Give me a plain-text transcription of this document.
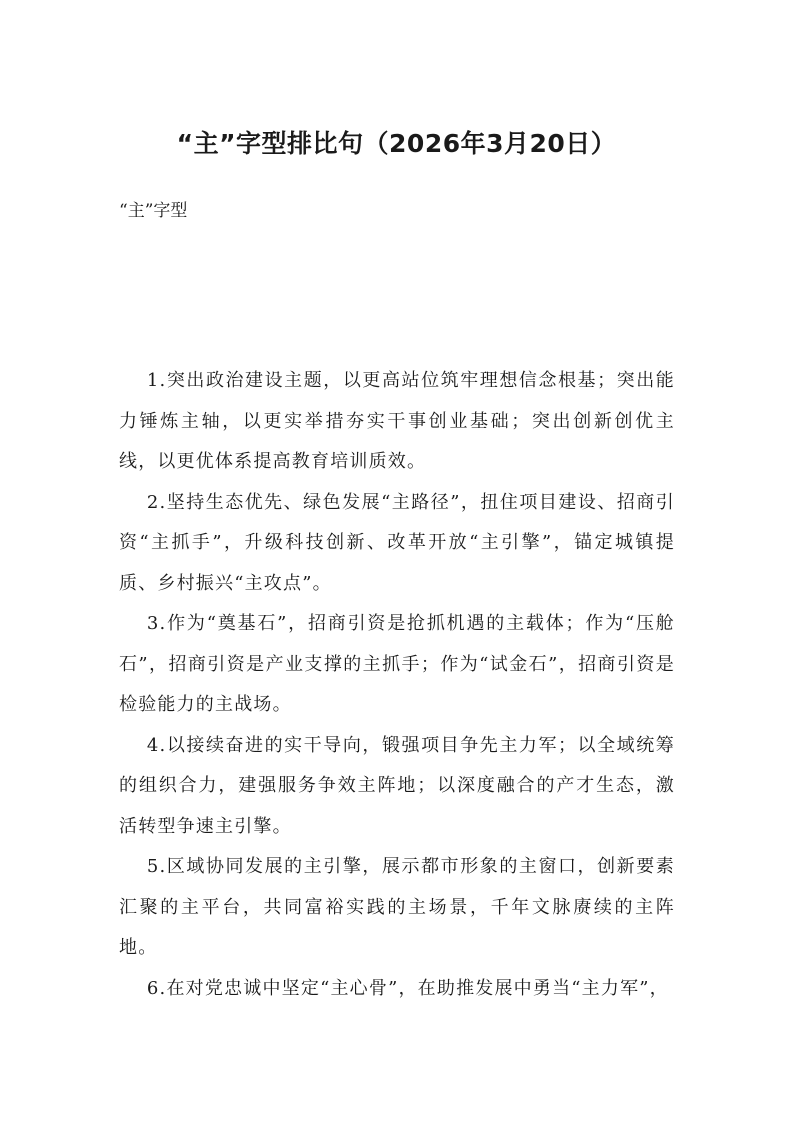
“主”字型排比句（2026年3月20日）
“主”字型

1.突出政治建设主题，以更高站位筑牢理想信念根基；突出能力锤炼主轴，以更实举措夯实干事创业基础；突出创新创优主线，以更优体系提高教育培训质效。

2.坚持生态优先、绿色发展“主路径”，扭住项目建设、招商引资“主抓手”，升级科技创新、改革开放“主引擎”，锚定城镇提质、乡村振兴“主攻点”。

3.作为“奠基石”，招商引资是抢抓机遇的主载体；作为“压舱石”，招商引资是产业支撑的主抓手；作为“试金石”，招商引资是检验能力的主战场。

4.以接续奋进的实干导向，锻强项目争先主力军；以全域统筹的组织合力，建强服务争效主阵地；以深度融合的产才生态，激活转型争速主引擎。

5.区域协同发展的主引擎，展示都市形象的主窗口，创新要素汇聚的主平台，共同富裕实践的主场景，千年文脉赓续的主阵地。

6.在对党忠诚中坚定“主心骨”，在助推发展中勇当“主力军”，
